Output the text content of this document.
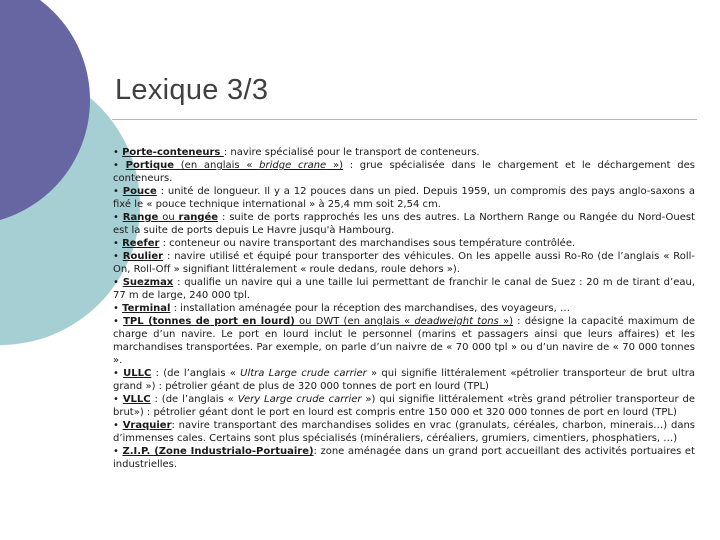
Lexique 3/3

• Porte-conteneurs : navire spécialisé pour le transport de conteneurs.

• Portique (en anglais « bridge crane ») : grue spécialisée dans le chargement et le déchargement des conteneurs.

• Pouce : unité de longueur. Il y a 12 pouces dans un pied. Depuis 1959, un compromis des pays anglo-saxons a fixé le « pouce technique international » à 25,4 mm soit 2,54 cm.

• Range ou rangée : suite de ports rapprochés les uns des autres. La Northern Range ou Rangée du Nord-Ouest est la suite de ports depuis Le Havre jusqu'à Hambourg.

• Reefer : conteneur ou navire transportant des marchandises sous température contrôlée.

• Roulier : navire utilisé et équipé pour transporter des véhicules. On les appelle aussi Ro-Ro (de l’anglais « Roll-On, Roll-Off » signifiant littéralement « roule dedans, roule dehors »).

• Suezmax : qualifie un navire qui a une taille lui permettant de franchir le canal de Suez : 20 m de tirant d’eau, 77 m de large, 240 000 tpl.

• Terminal : installation aménagée pour la réception des marchandises, des voyageurs, …

• TPL (tonnes de port en lourd) ou DWT (en anglais « deadweight tons ») : désigne la capacité maximum de charge d’un navire. Le port en lourd inclut le personnel (marins et passagers ainsi que leurs affaires) et les marchandises transportées. Par exemple, on parle d’un naivre de « 70 000 tpl » ou d’un navire de « 70 000 tonnes ».

• ULLC : (de l’anglais « Ultra Large crude carrier » qui signifie littéralement «pétrolier transporteur de brut ultra grand ») : pétrolier géant de plus de 320 000 tonnes de port en lourd (TPL)

• VLLC : (de l’anglais « Very Large crude carrier ») qui signifie littéralement «très grand pétrolier transporteur de brut») : pétrolier géant dont le port en lourd est compris entre 150 000 et 320 000 tonnes de port en lourd (TPL)

• Vraquier: navire transportant des marchandises solides en vrac (granulats, céréales, charbon, minerais…) dans d’immenses cales. Certains sont plus spécialisés (minéraliers, céréaliers, grumiers, cimentiers, phosphatiers, …)

• Z.I.P. (Zone Industrialo-Portuaire): zone aménagée dans un grand port accueillant des activités portuaires et industrielles.
